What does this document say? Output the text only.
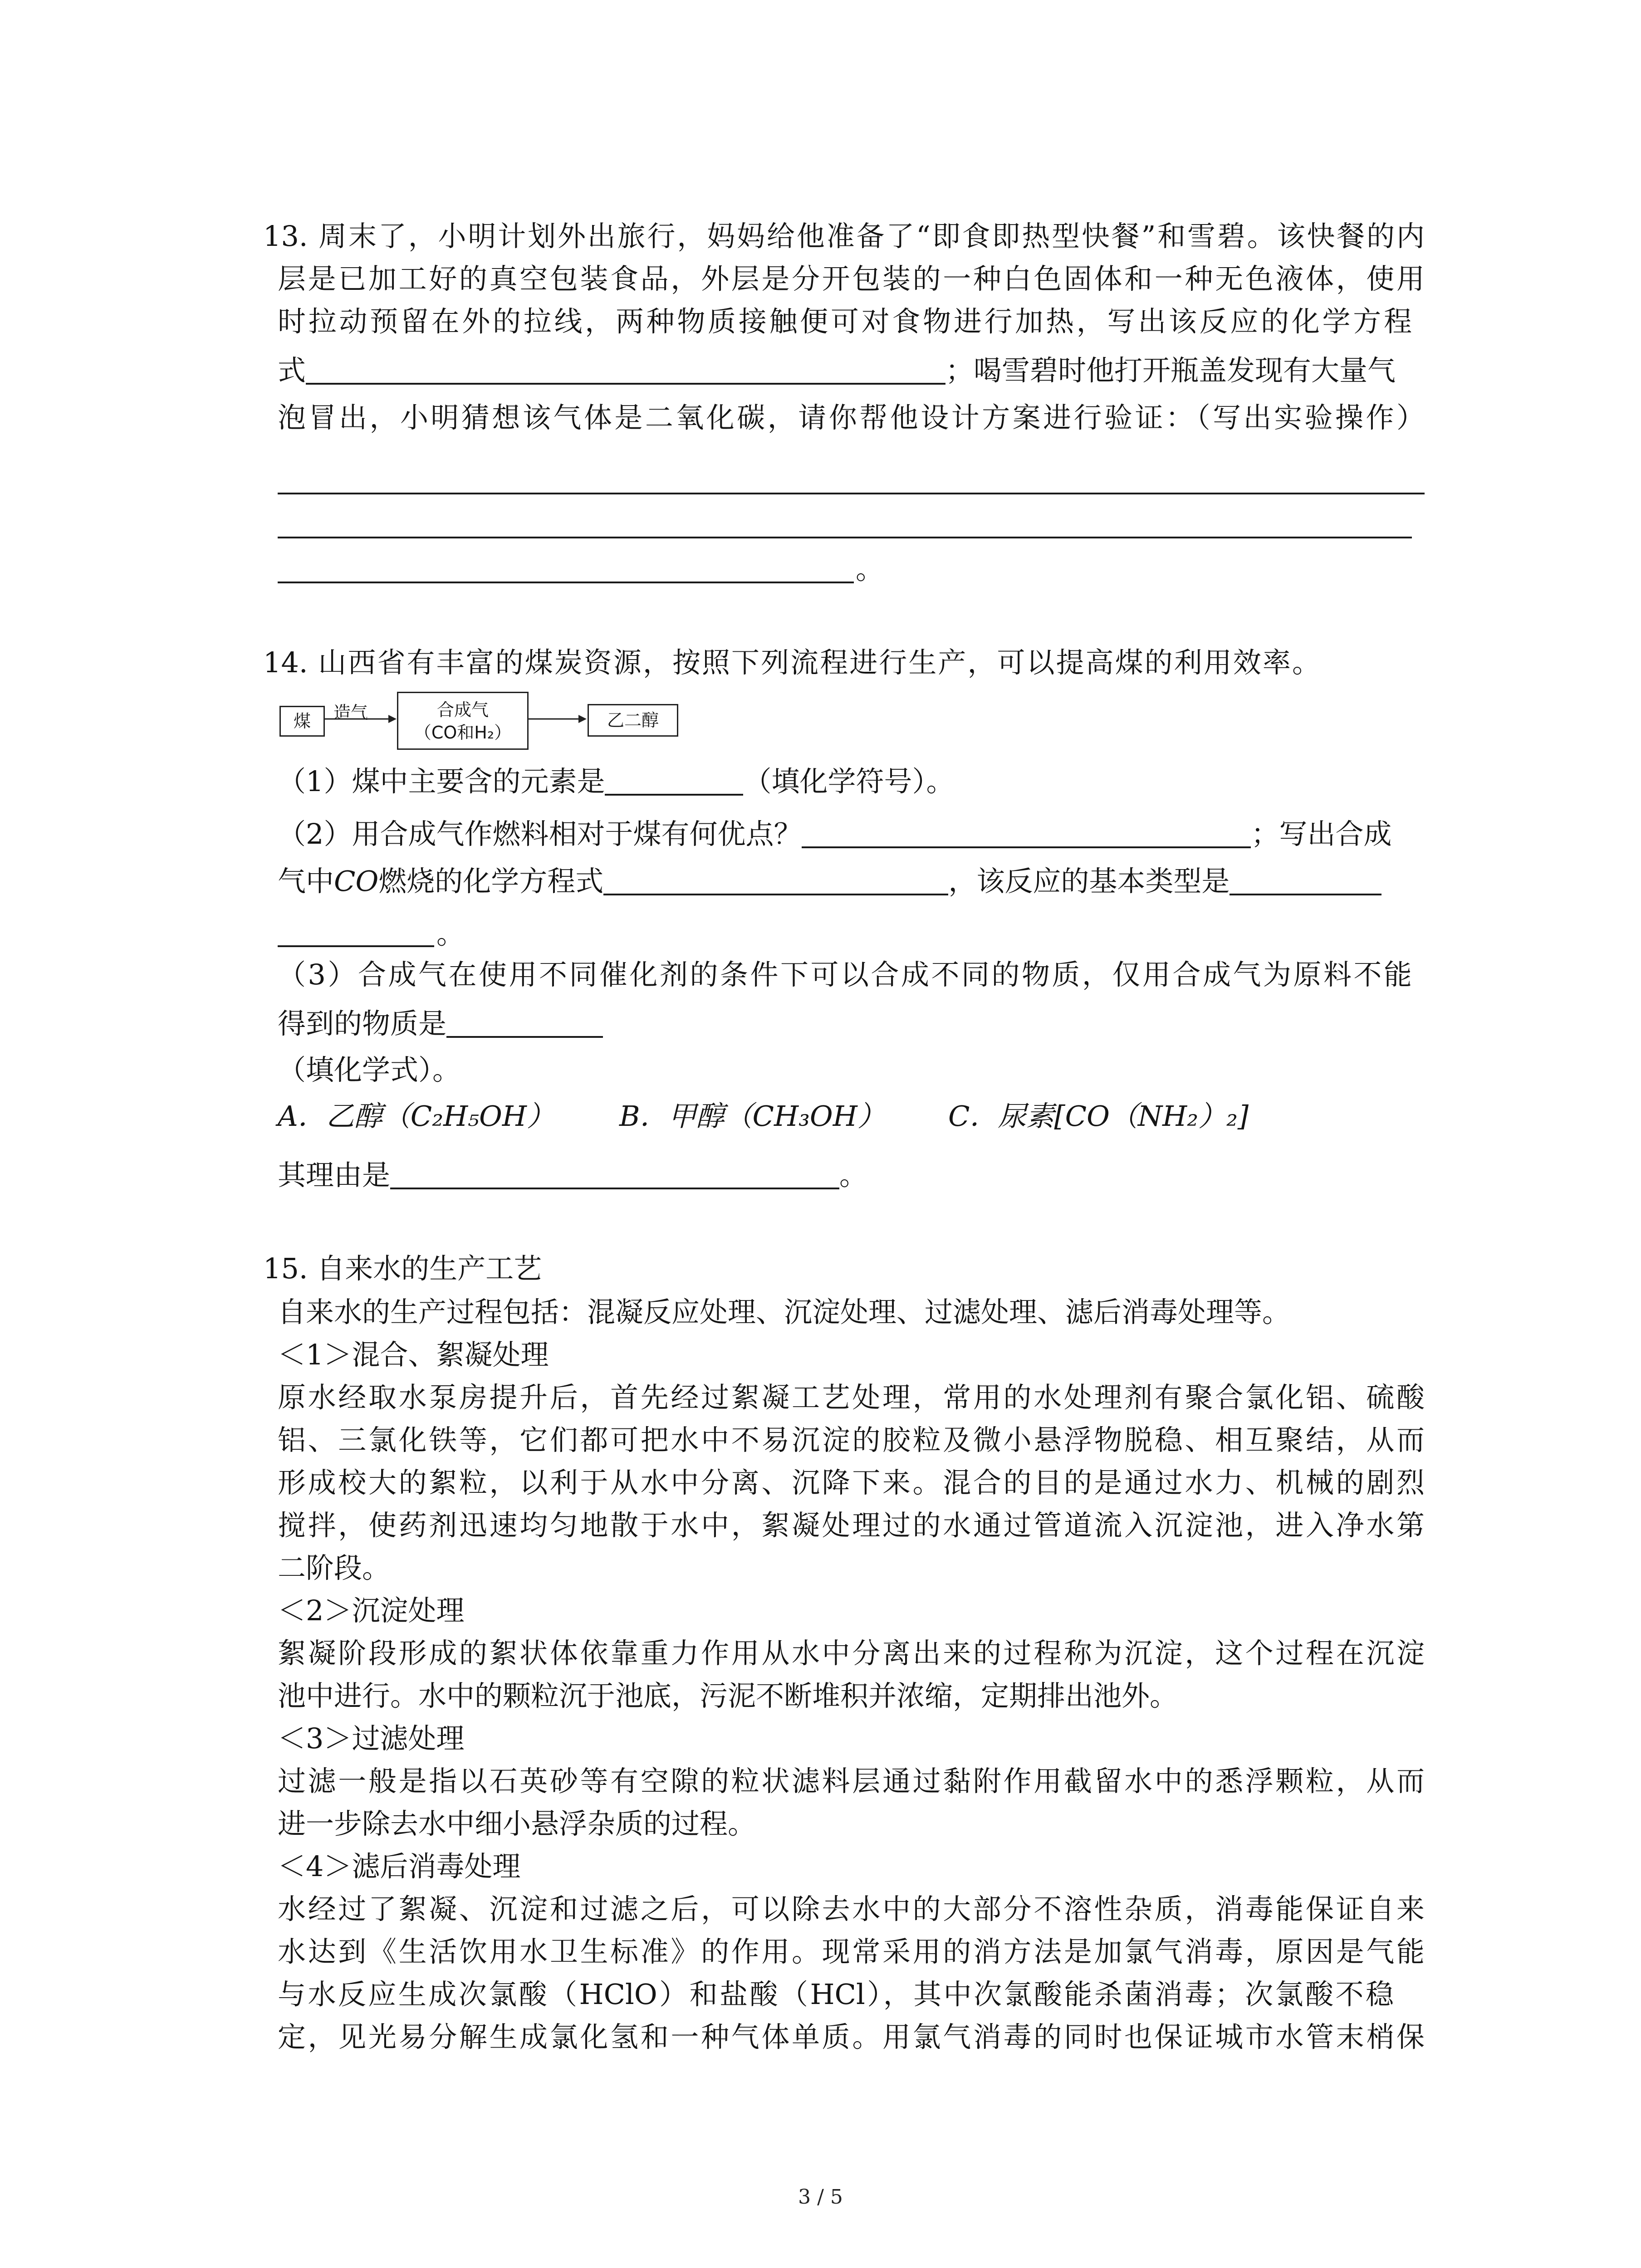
13. 周末了，小明计划外出旅行，妈妈给他准备了“即食即热型快餐”和雪碧。该快餐的内
层是已加工好的真空包装食品，外层是分开包装的一种白色固体和一种无色液体，使用
时拉动预留在外的拉线，两种物质接触便可对食物进行加热，写出该反应的化学方程
式	；喝雪碧时他打开瓶盖发现有大量气
泡冒出，小明猜想该气体是二氧化碳，请你帮他设计方案进行验证：（写出实验操作）
。
14. 山西省有丰富的煤炭资源，按照下列流程进行生产，可以提高煤的利用效率。
煤	造气	合成气
（CO和H₂）
乙二醇
（1）煤中主要含的元素是	（填化学符号）。
（2）用合成气作燃料相对于煤有何优点？	；写出合成
气中CO燃烧的化学方程式	，该反应的基本类型是
。
（3）合成气在使用不同催化剂的条件下可以合成不同的物质，仅用合成气为原料不能
得到的物质是
（填化学式）。
A．乙醇（C₂H₅OH） B．甲醇（CH₃OH） C．尿素[CO（NH₂）₂]
其理由是	。
15. 自来水的生产工艺
自来水的生产过程包括：混凝反应处理、沉淀处理、过滤处理、滤后消毒处理等。
＜1＞混合、絮凝处理
原水经取水泵房提升后，首先经过絮凝工艺处理，常用的水处理剂有聚合氯化铝、硫酸
铝、三氯化铁等，它们都可把水中不易沉淀的胶粒及微小悬浮物脱稳、相互聚结，从而
形成校大的絮粒，以利于从水中分离、沉降下来。混合的目的是通过水力、机械的剧烈
搅拌，使药剂迅速均匀地散于水中，絮凝处理过的水通过管道流入沉淀池，进入净水第
二阶段。
＜2＞沉淀处理
絮凝阶段形成的絮状体依靠重力作用从水中分离出来的过程称为沉淀，这个过程在沉淀
池中进行。水中的颗粒沉于池底，污泥不断堆积并浓缩，定期排出池外。
＜3＞过滤处理
过滤一般是指以石英砂等有空隙的粒状滤料层通过黏附作用截留水中的悉浮颗粒，从而
进一步除去水中细小悬浮杂质的过程。
＜4＞滤后消毒处理
水经过了絮凝、沉淀和过滤之后，可以除去水中的大部分不溶性杂质，消毒能保证自来
水达到《生活饮用水卫生标准》的作用。现常采用的消方法是加氯气消毒，原因是气能
与水反应生成次氯酸（HClO）和盐酸（HCl），其中次氯酸能杀菌消毒；次氯酸不稳
定，见光易分解生成氯化氢和一种气体单质。用氯气消毒的同时也保证城市水管末梢保
3 / 5
